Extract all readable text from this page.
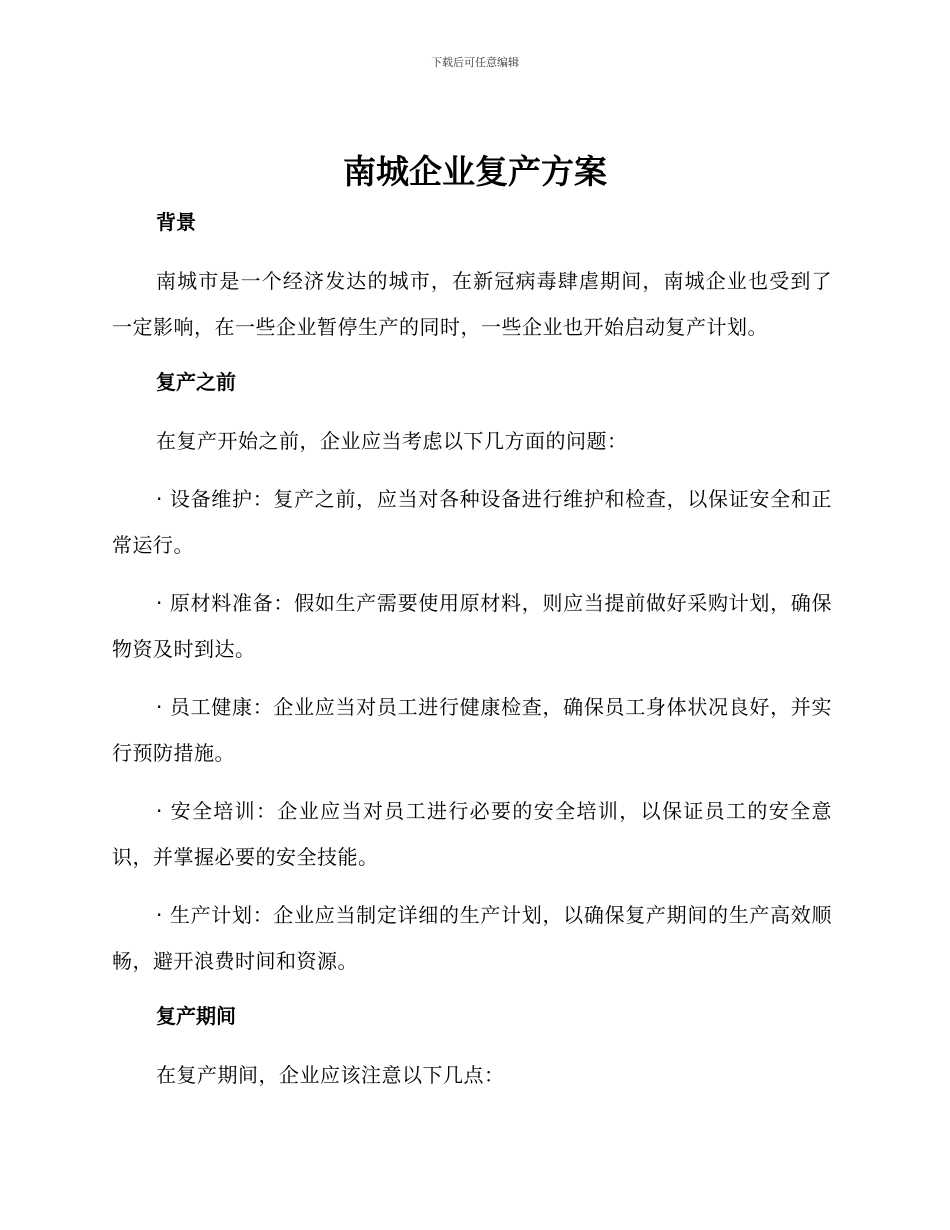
下载后可任意编辑
南城企业复产方案
背景

南城市是一个经济发达的城市，在新冠病毒肆虐期间，南城企业也受到了一定影响，在一些企业暂停生产的同时，一些企业也开始启动复产计划。

复产之前

在复产开始之前，企业应当考虑以下几方面的问题：

· 设备维护：复产之前，应当对各种设备进行维护和检查，以保证安全和正常运行。

· 原材料准备：假如生产需要使用原材料，则应当提前做好采购计划，确保物资及时到达。

· 员工健康：企业应当对员工进行健康检查，确保员工身体状况良好，并实行预防措施。

· 安全培训：企业应当对员工进行必要的安全培训，以保证员工的安全意识，并掌握必要的安全技能。

· 生产计划：企业应当制定详细的生产计划，以确保复产期间的生产高效顺畅，避开浪费时间和资源。

复产期间

在复产期间，企业应该注意以下几点：
